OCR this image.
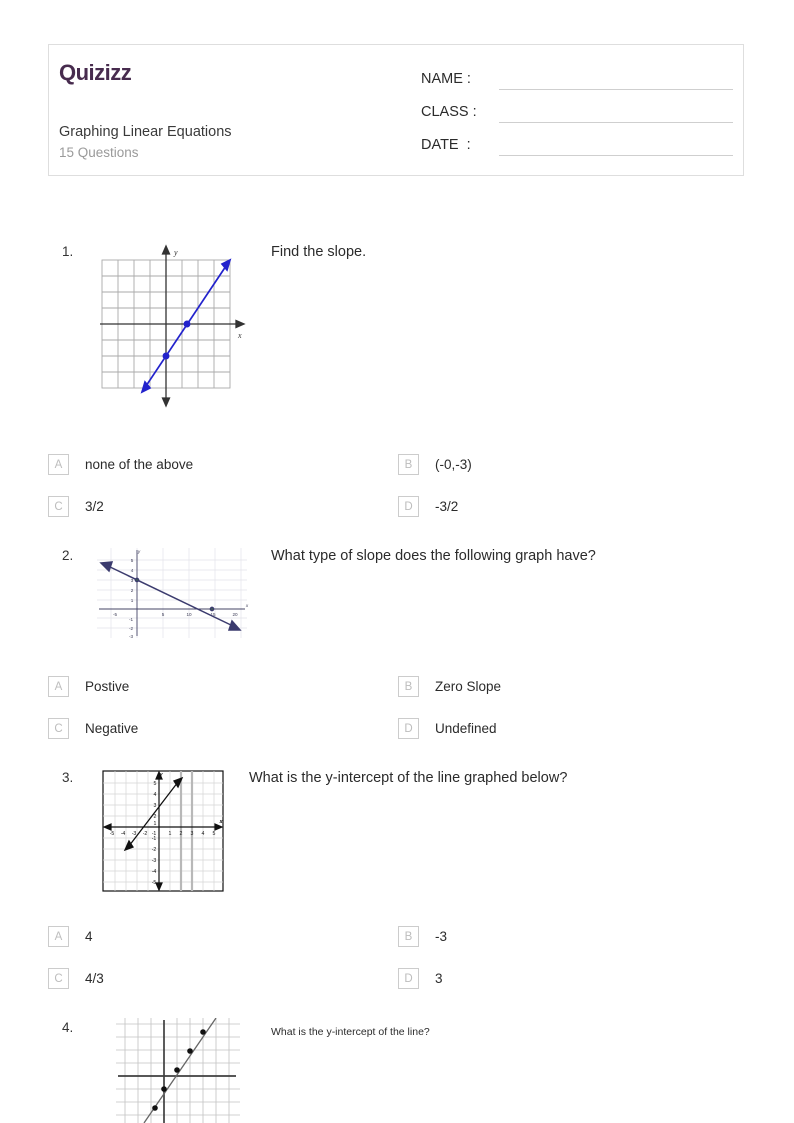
Quizizz
Graphing Linear Equations
15 Questions
NAME :
CLASS :
DATE  :
1.	Find the slope.
y
x
A	none of the above	B	(-0,-3)
C	3/2	D	-3/2
2.	What type of slope does the following graph have?
-5	5	10	15	20
5
4
3
2
1
-1
-2
-3
y
x
A	Postive	B	Zero Slope
C	Negative	D	Undefined
3.	What is the y-intercept of the line graphed below?
-5 -4 -3 -2 -1 1 2 3 4 5
5
4
3
2
1
-1
-2
-3
-4
-5
y
x
A	4	B	-3
C	4/3	D	3
4.	What is the y-intercept of the line?
